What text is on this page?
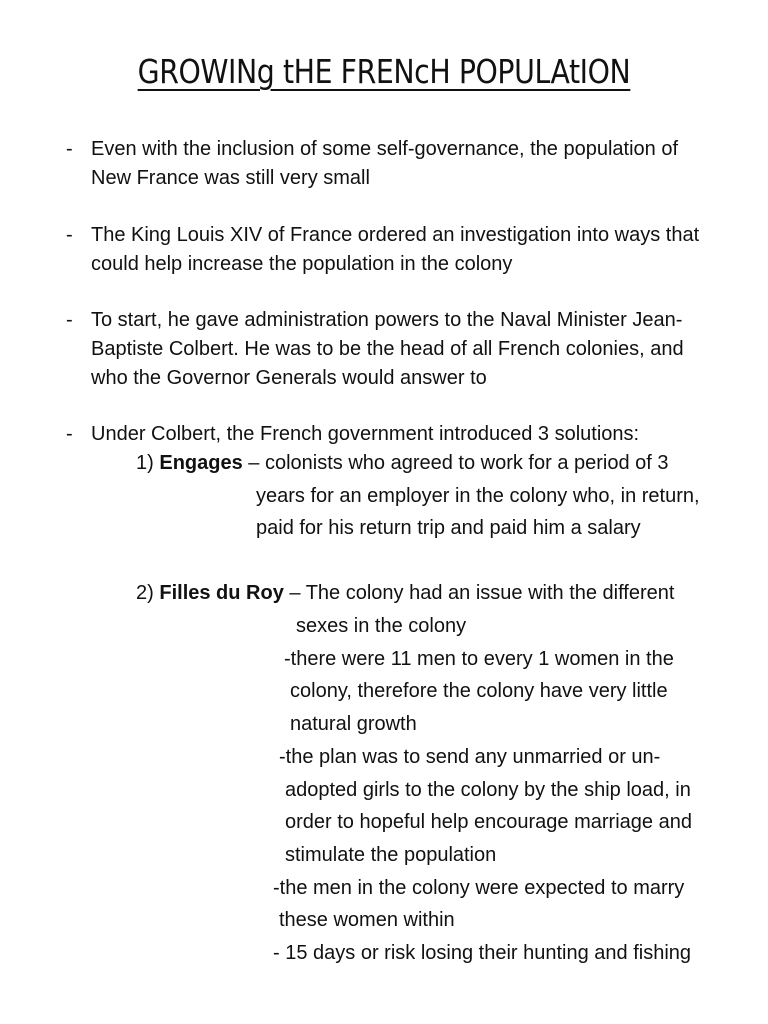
GROWINg tHE FRENcH POPULAtION
- Even with the inclusion of some self-governance, the population of
New France was still very small
- The King Louis XIV of France ordered an investigation into ways that
could help increase the population in the colony
- To start, he gave administration powers to the Naval Minister Jean-
Baptiste Colbert. He was to be the head of all French colonies, and
who the Governor Generals would answer to
- Under Colbert, the French government introduced 3 solutions:
1) Engages – colonists who agreed to work for a period of 3
years for an employer in the colony who, in return,
paid for his return trip and paid him a salary
2) Filles du Roy – The colony had an issue with the different
sexes in the colony
-there were 11 men to every 1 women in the
colony, therefore the colony have very little
natural growth
-the plan was to send any unmarried or un-
adopted girls to the colony by the ship load, in
order to hopeful help encourage marriage and
stimulate the population
-the men in the colony were expected to marry
these women within
- 15 days or risk losing their hunting and fishing
